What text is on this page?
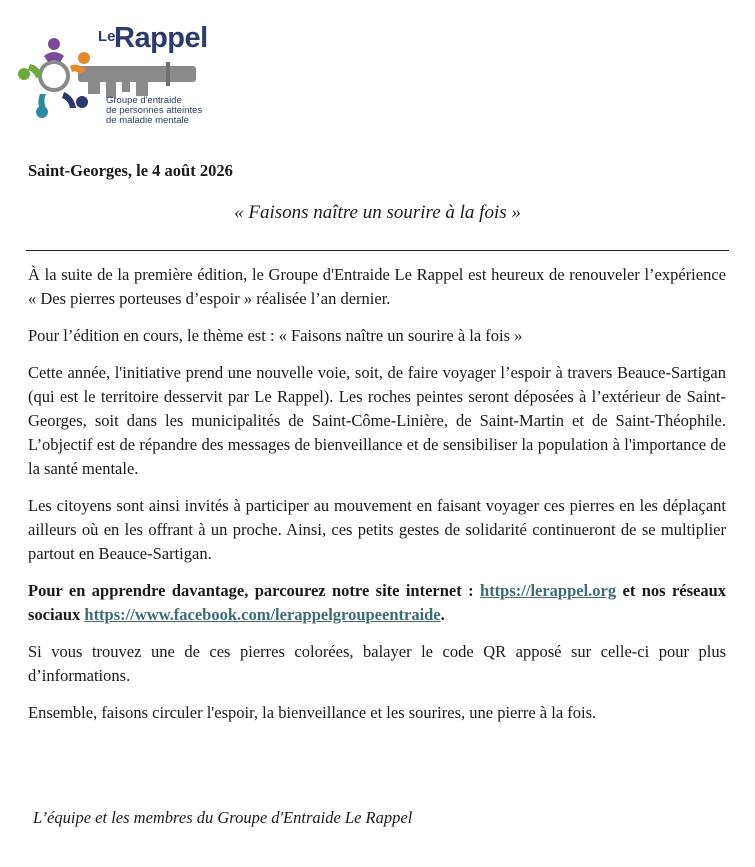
Le
Rappel
Groupe d'entraide
de personnes atteintes
de maladie mentale
Saint-Georges, le 4 août 2026
« Faisons naître un sourire à la fois »

À la suite de la première édition, le Groupe d'Entraide Le Rappel est heureux de renouveler l’expérience « Des pierres porteuses d’espoir » réalisée l’an dernier.

Pour l’édition en cours, le thème est : « Faisons naître un sourire à la fois »

Cette année, l'initiative prend une nouvelle voie, soit, de faire voyager l’espoir à travers Beauce-Sartigan (qui est le territoire desservit par Le Rappel). Les roches peintes seront déposées à l’extérieur de Saint-Georges, soit dans les municipalités de Saint-Côme-Linière, de Saint-Martin et de Saint-Théophile. L’objectif est de répandre des messages de bienveillance et de sensibiliser la population à l'importance de la santé mentale.

Les citoyens sont ainsi invités à participer au mouvement en faisant voyager ces pierres en les déplaçant ailleurs où en les offrant à un proche. Ainsi, ces petits gestes de solidarité continueront de se multiplier partout en Beauce-Sartigan.

Pour en apprendre davantage, parcourez notre site internet : https://lerappel.org et nos réseaux sociaux https://www.facebook.com/lerappelgroupeentraide.

Si vous trouvez une de ces pierres colorées, balayer le code QR apposé sur celle-ci pour plus d’informations.

Ensemble, faisons circuler l'espoir, la bienveillance et les sourires, une pierre à la fois.

L’équipe et les membres du Groupe d'Entraide Le Rappel
